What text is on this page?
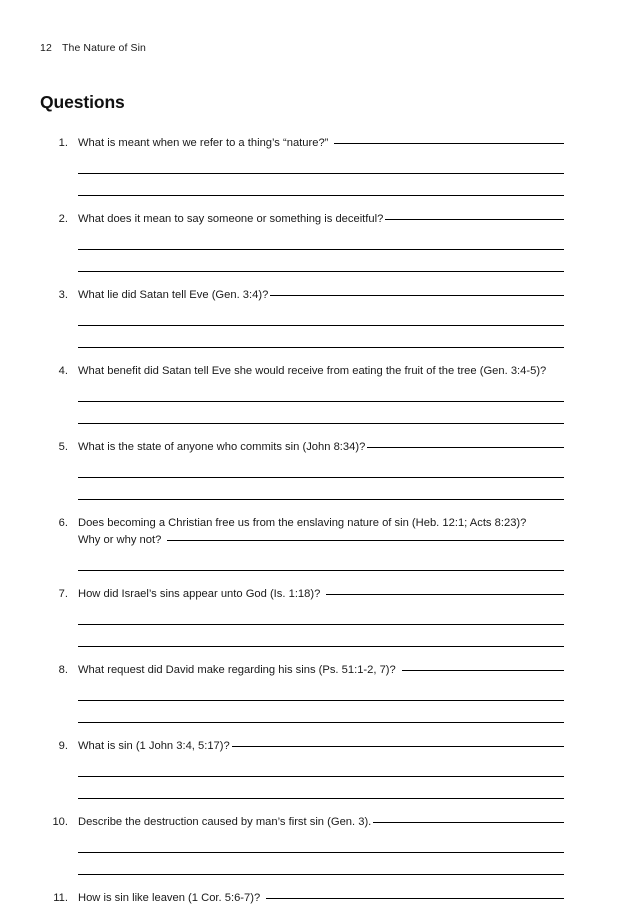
12 The Nature of Sin
Questions
1. What is meant when we refer to a thing’s “nature?”
2. What does it mean to say someone or something is deceitful?
3. What lie did Satan tell Eve (Gen. 3:4)?
4. What benefit did Satan tell Eve she would receive from eating the fruit of the tree (Gen. 3:4-5)?
5. What is the state of anyone who commits sin (John 8:34)?
6. Does becoming a Christian free us from the enslaving nature of sin (Heb. 12:1; Acts 8:23)?
Why or why not?
7. How did Israel’s sins appear unto God (Is. 1:18)?
8. What request did David make regarding his sins (Ps. 51:1-2, 7)?
9. What is sin (1 John 3:4, 5:17)?
10. Describe the destruction caused by man’s first sin (Gen. 3).
11. How is sin like leaven (1 Cor. 5:6-7)?
